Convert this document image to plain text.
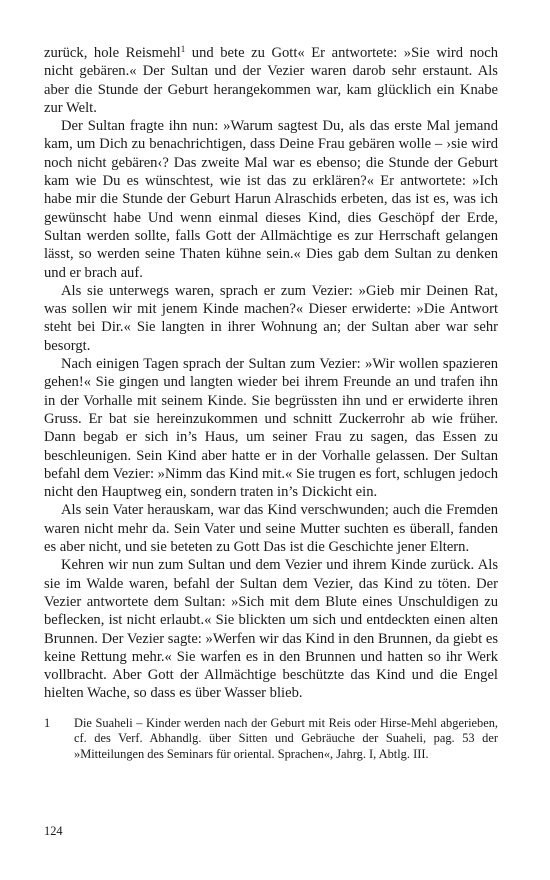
zurück, hole Reismehl$^1$ und bete zu Gott« Er antwortete: »Sie wird noch nicht gebären.« Der Sultan und der Vezier waren darob sehr erstaunt. Als aber die Stunde der Geburt herangekommen war, kam glücklich ein Knabe zur Welt.

Der Sultan fragte ihn nun: »Warum sagtest Du, als das erste Mal jemand kam, um Dich zu benachrichtigen, dass Deine Frau gebären wolle – ›sie wird noch nicht gebären‹? Das zweite Mal war es ebenso; die Stunde der Geburt kam wie Du es wünschtest, wie ist das zu erklären?« Er antwortete: »Ich habe mir die Stunde der Geburt Harun Alraschids erbeten, das ist es, was ich gewünscht habe Und wenn einmal dieses Kind, dies Geschöpf der Erde, Sultan werden sollte, falls Gott der Allmächtige es zur Herrschaft gelangen lässt, so werden seine Thaten kühne sein.« Dies gab dem Sultan zu denken und er brach auf.

Als sie unterwegs waren, sprach er zum Vezier: »Gieb mir Deinen Rat, was sollen wir mit jenem Kinde machen?« Dieser erwiderte: »Die Antwort steht bei Dir.« Sie langten in ihrer Wohnung an; der Sultan aber war sehr besorgt.

Nach einigen Tagen sprach der Sultan zum Vezier: »Wir wollen spazieren gehen!« Sie gingen und langten wieder bei ihrem Freunde an und trafen ihn in der Vorhalle mit seinem Kinde. Sie begrüssten ihn und er erwiderte ihren Gruss. Er bat sie hereinzukommen und schnitt Zuckerrohr ab wie früher. Dann begab er sich in’s Haus, um seiner Frau zu sagen, das Essen zu beschleunigen. Sein Kind aber hatte er in der Vorhalle gelassen. Der Sultan befahl dem Vezier: »Nimm das Kind mit.« Sie trugen es fort, schlugen jedoch nicht den Hauptweg ein, sondern traten in’s Dickicht ein.

Als sein Vater herauskam, war das Kind verschwunden; auch die Fremden waren nicht mehr da. Sein Vater und seine Mutter suchten es überall, fanden es aber nicht, und sie beteten zu Gott Das ist die Geschichte jener Eltern.

Kehren wir nun zum Sultan und dem Vezier und ihrem Kinde zurück. Als sie im Walde waren, befahl der Sultan dem Vezier, das Kind zu töten. Der Vezier antwortete dem Sultan: »Sich mit dem Blute eines Unschuldigen zu beflecken, ist nicht erlaubt.« Sie blickten um sich und entdeckten einen alten Brunnen. Der Vezier sagte: »Werfen wir das Kind in den Brunnen, da giebt es keine Rettung mehr.« Sie warfen es in den Brunnen und hatten so ihr Werk vollbracht. Aber Gott der Allmächtige beschützte das Kind und die Engel hielten Wache, so dass es über Wasser blieb.

1	Die Suaheli – Kinder werden nach der Geburt mit Reis oder Hirse-Mehl abgerieben, cf. des Verf. Abhandlg. über Sitten und Gebräuche der Suaheli, pag. 53 der »Mitteilungen des Seminars für oriental. Sprachen«, Jahrg. I, Abtlg. III.
124
